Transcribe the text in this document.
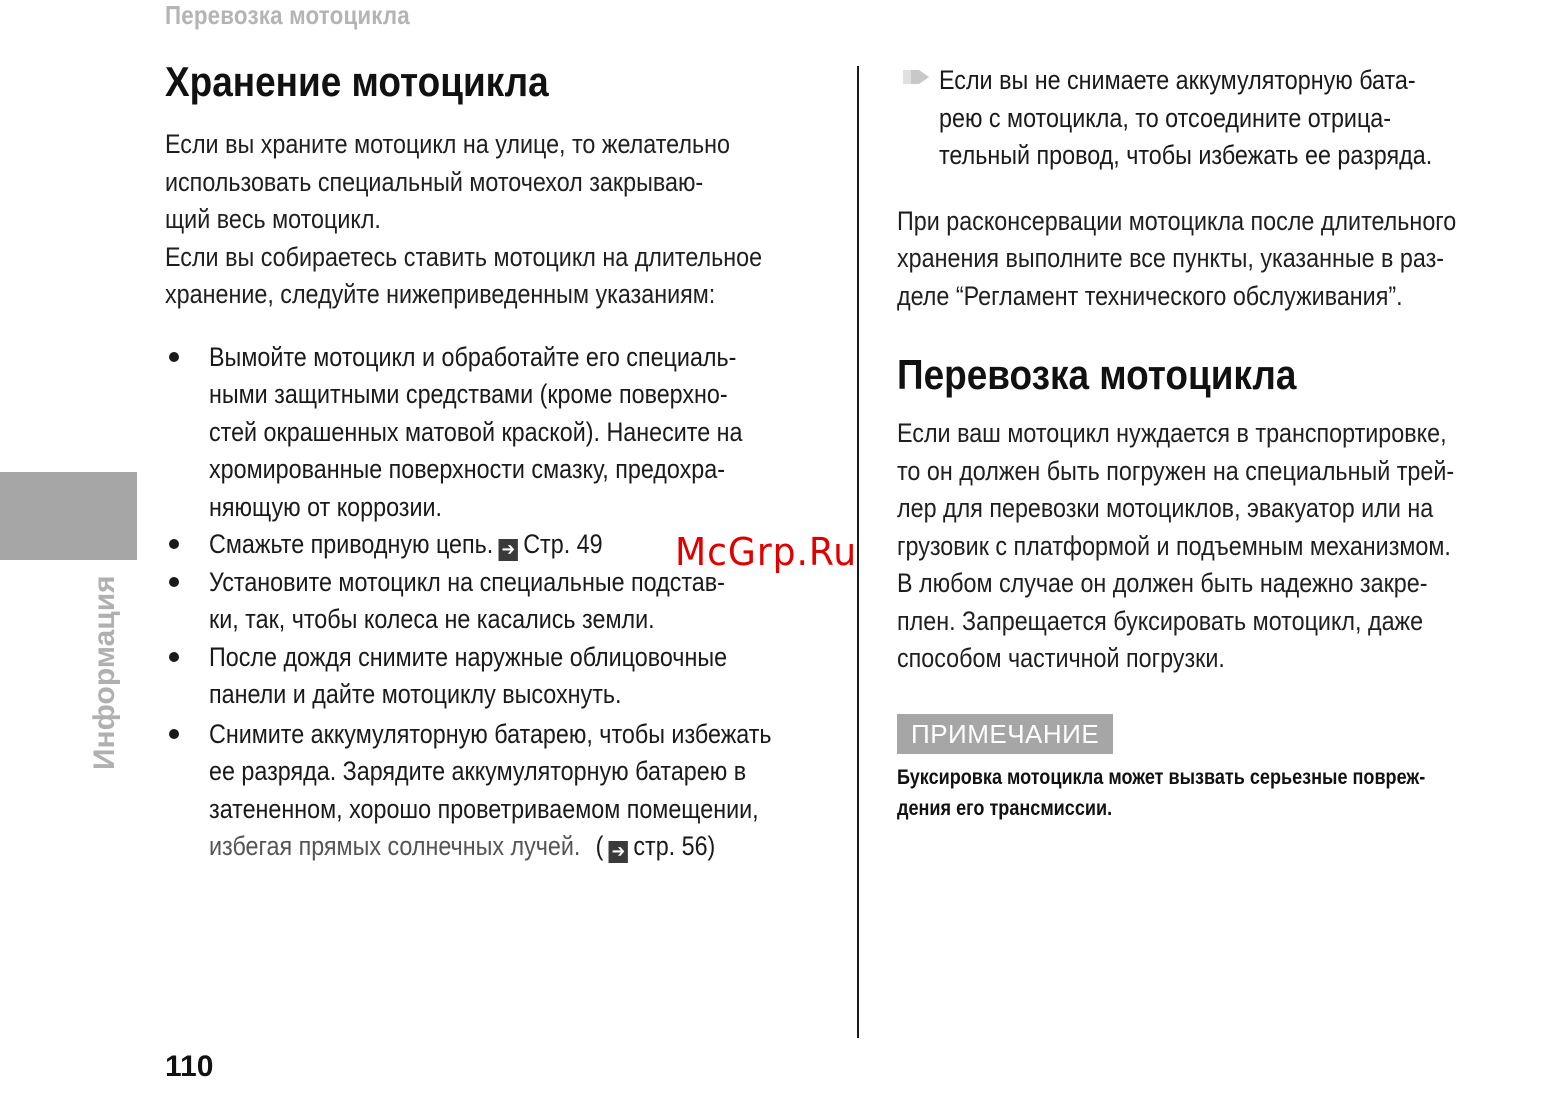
Перевозка мотоцикла
Информация
Хранение мотоцикла
Если вы храните мотоцикл на улице, то желательно
использовать специальный моточехол закрываю-
щий весь мотоцикл.
Если вы собираетесь ставить мотоцикл на длительное
хранение, следуйте нижеприведенным указаниям:
Вымойте мотоцикл и обработайте его специаль-
ными защитными средствами (кроме поверхно-
стей окрашенных матовой краской). Нанесите на
хромированные поверхности смазку, предохра-
няющую от коррозии.
Смажьте приводную цепь. ➔ Стр. 49
Установите мотоцикл на специальные подстав-
ки, так, чтобы колеса не касались земли.
После дождя снимите наружные облицовочные
панели и дайте мотоциклу высохнуть.
Снимите аккумуляторную батарею, чтобы избежать
ее разряда. Зарядите аккумуляторную батарею в
затененном, хорошо проветриваемом помещении,
избегая прямых солнечных лучей. ( ➔ стр. 56)
McGrp.Ru
Если вы не снимаете аккумуляторную бата-
рею с мотоцикла, то отсоедините отрица-
тельный провод, чтобы избежать ее разряда.
При расконсервации мотоцикла после длительного
хранения выполните все пункты, указанные в раз-
деле “Регламент технического обслуживания”.
Перевозка мотоцикла
Если ваш мотоцикл нуждается в транспортировке,
то он должен быть погружен на специальный трей-
лер для перевозки мотоциклов, эвакуатор или на
грузовик с платформой и подъемным механизмом.
В любом случае он должен быть надежно закре-
плен. Запрещается буксировать мотоцикл, даже
способом частичной погрузки.
ПРИМЕЧАНИЕ
Буксировка мотоцикла может вызвать серьезные повреж-
дения его трансмиссии.
110
